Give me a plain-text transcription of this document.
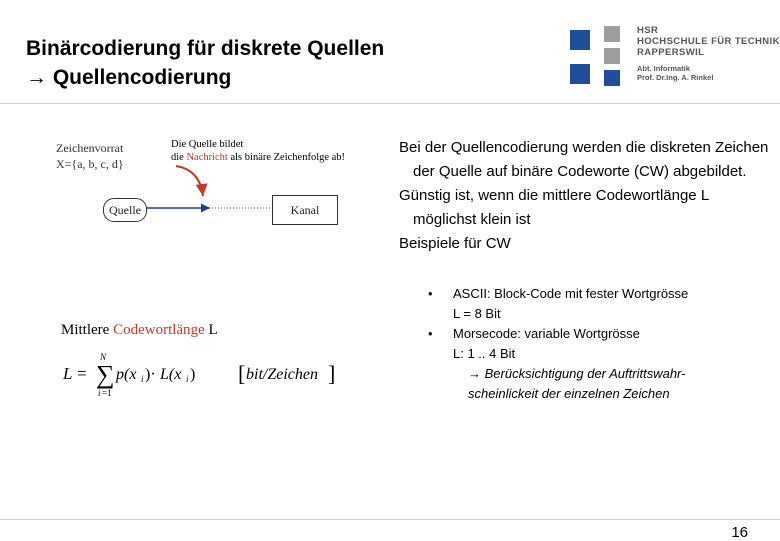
Binärcodierung für diskrete Quellen
→ Quellencodierung
HSR
HOCHSCHULE FÜR TECHNIK
RAPPERSWIL
Abt. Informatik
Prof. Dr.Ing. A. Rinkel
Zeichenvorrat
X={a, b, c, d}
Die Quelle bildet
die Nachricht als binäre Zeichenfolge ab!
Quelle	Kanal
Mittlere Codewortlänge L
L = ∑
N
i =1
p(x i )· L(x i ) [ bit/Zeichen ]
Bei der Quellencodierung werden die diskreten Zeichen der Quelle auf binäre Codeworte (CW) abgebildet.
Günstig ist, wenn die mittlere Codewortlänge L möglichst klein ist
Beispiele für CW
• ASCII: Block-Code mit fester Wortgrösse
L = 8 Bit
• Morsecode: variable Wortgrösse
L: 1 .. 4 Bit
→ Berücksichtigung der Auftrittswahr-
scheinlickeit der einzelnen Zeichen
16
